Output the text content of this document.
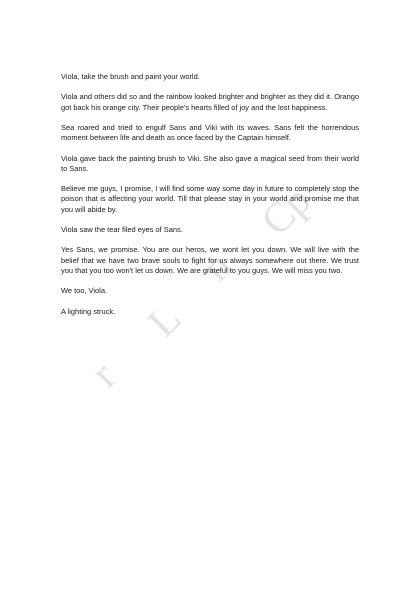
Viola, take the brush and paint your world.

Viola and others did so and the rainbow looked brighter and brighter as they did it. Orango got back his orange city. Their people's hearts filled of joy and the lost happiness.

Sea roared and tried to engulf Sans and Viki with its waves. Sans felt the horrendous moment between life and death as once faced by the Captain himself.

Viola gave back the painting brush to Viki. She also gave a magical seed from their world to Sans.

Believe me guys, I promise, I will find some way some day in future to completely stop the poison that is affecting your world. Till that please stay in your world and promise me that you will abide by.

Viola saw the tear filed eyes of Sans.

Yes Sans, we promise. You are our heros, we wont let you down. We will live with the belief that we have two brave souls to fight for us always somewhere out there. We trust you that you too won't let us down. We are grateful to you guys. We will miss you two.

We too, Viola.

A lighting struck.

r
L
n
Cp
